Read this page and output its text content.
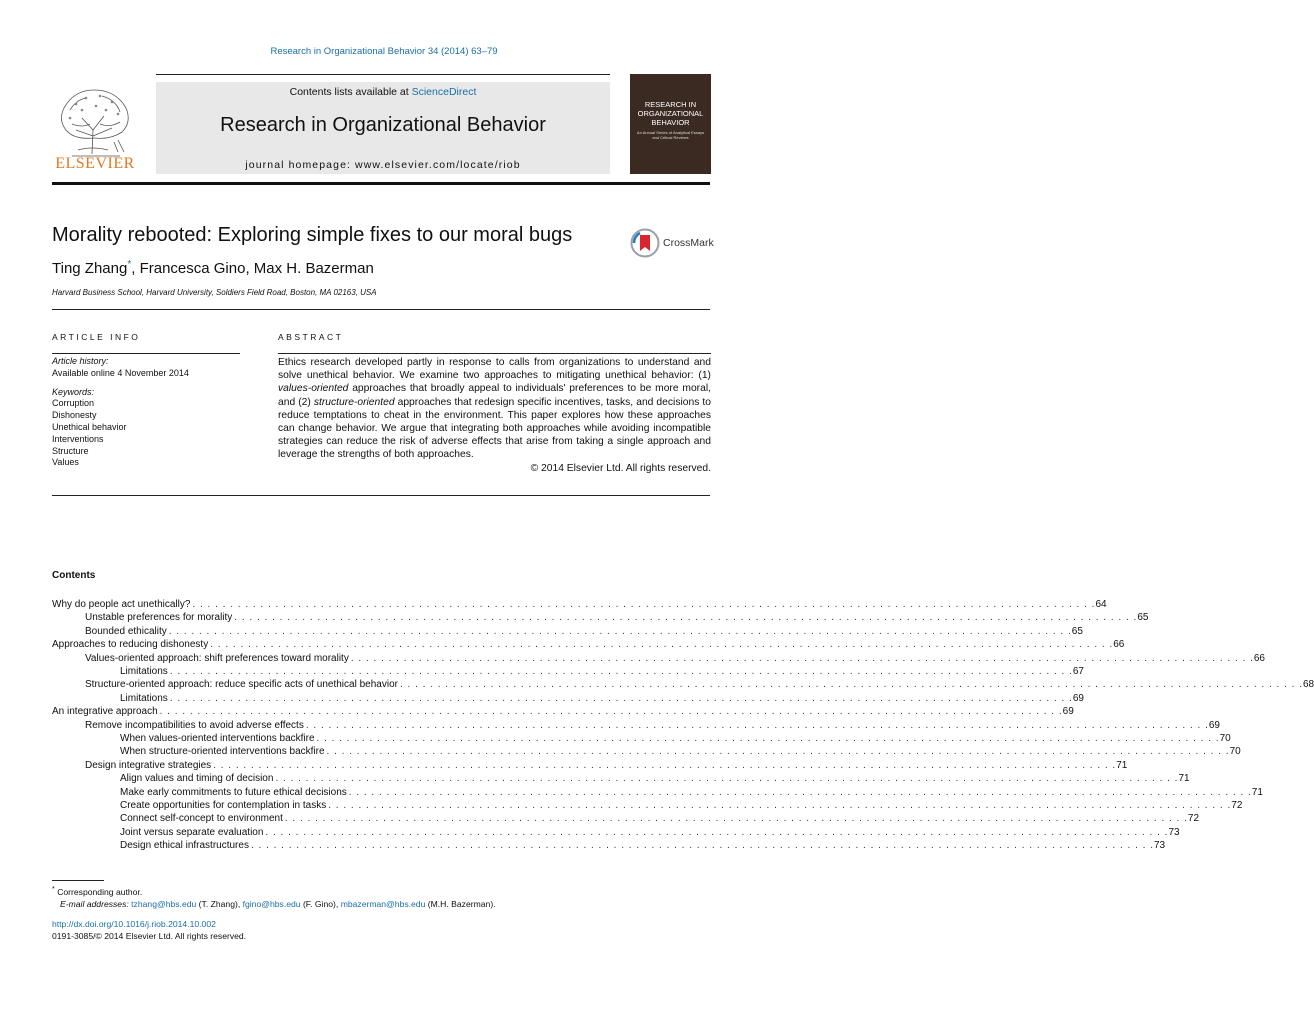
Research in Organizational Behavior 34 (2014) 63–79
Contents lists available at ScienceDirect
Research in Organizational Behavior
journal homepage: www.elsevier.com/locate/riob
ELSEVIER
RESEARCH IN ORGANIZATIONAL BEHAVIOR
An Annual Series of Analytical Essays and Critical Reviews
Morality rebooted: Exploring simple fixes to our moral bugs	CrossMark
Ting Zhang*, Francesca Gino, Max H. Bazerman
Harvard Business School, Harvard University, Soldiers Field Road, Boston, MA 02163, USA
ARTICLE INFO
Article history:
Available online 4 November 2014
Keywords:
Corruption
Dishonesty
Unethical behavior
Interventions
Structure
Values
ABSTRACT
Ethics research developed partly in response to calls from organizations to understand and solve unethical behavior. We examine two approaches to mitigating unethical behavior: (1) values-oriented approaches that broadly appeal to individuals' preferences to be more moral, and (2) structure-oriented approaches that redesign specific incentives, tasks, and decisions to reduce temptations to cheat in the environment. This paper explores how these approaches can change behavior. We argue that integrating both approaches while avoiding incompatible strategies can reduce the risk of adverse effects that arise from taking a single approach and leverage the strengths of both approaches.
© 2014 Elsevier Ltd. All rights reserved.
Contents
Why do people act unethically? . . . . . . . . . . . . . . . . . . . . . . . . . . . . . . . . . . . . . . . . . . . . . . . . . . . . . . . . . . . . . . . . . . . . . . . . . . . . . . . . . . . . . . . . . . . . . . . . . . . . . . . . . . . . . . . . . . . . . . . . 64
Unstable preferences for morality . . . . . . . . . . . . . . . . . . . . . . . . . . . . . . . . . . . . . . . . . . . . . . . . . . . . . . . . . . . . . . . . . . . . . . . . . . . . . . . . . . . . . . . . . . . . . . . . . . . . . . . . . . . . . . . . . . . . . . . . 65
Bounded ethicality . . . . . . . . . . . . . . . . . . . . . . . . . . . . . . . . . . . . . . . . . . . . . . . . . . . . . . . . . . . . . . . . . . . . . . . . . . . . . . . . . . . . . . . . . . . . . . . . . . . . . . . . . . . . . . . . . . . . . . . . 65
Approaches to reducing dishonesty . . . . . . . . . . . . . . . . . . . . . . . . . . . . . . . . . . . . . . . . . . . . . . . . . . . . . . . . . . . . . . . . . . . . . . . . . . . . . . . . . . . . . . . . . . . . . . . . . . . . . . . . . . . . . . . . . . . . . . . . 66
Values-oriented approach: shift preferences toward morality . . . . . . . . . . . . . . . . . . . . . . . . . . . . . . . . . . . . . . . . . . . . . . . . . . . . . . . . . . . . . . . . . . . . . . . . . . . . . . . . . . . . . . . . . . . . . . . . . . . . . . . . . . . . . . . . . . . . . . . . 66
Limitations . . . . . . . . . . . . . . . . . . . . . . . . . . . . . . . . . . . . . . . . . . . . . . . . . . . . . . . . . . . . . . . . . . . . . . . . . . . . . . . . . . . . . . . . . . . . . . . . . . . . . . . . . . . . . . . . . . . . . . . . 67
Structure-oriented approach: reduce specific acts of unethical behavior . . . . . . . . . . . . . . . . . . . . . . . . . . . . . . . . . . . . . . . . . . . . . . . . . . . . . . . . . . . . . . . . . . . . . . . . . . . . . . . . . . . . . . . . . . . . . . . . . . . . . . . . . . . . . . . . . . . . . . . . 68
Limitations . . . . . . . . . . . . . . . . . . . . . . . . . . . . . . . . . . . . . . . . . . . . . . . . . . . . . . . . . . . . . . . . . . . . . . . . . . . . . . . . . . . . . . . . . . . . . . . . . . . . . . . . . . . . . . . . . . . . . . . . 69
An integrative approach . . . . . . . . . . . . . . . . . . . . . . . . . . . . . . . . . . . . . . . . . . . . . . . . . . . . . . . . . . . . . . . . . . . . . . . . . . . . . . . . . . . . . . . . . . . . . . . . . . . . . . . . . . . . . . . . . . . . . . . . 69
Remove incompatibilities to avoid adverse effects . . . . . . . . . . . . . . . . . . . . . . . . . . . . . . . . . . . . . . . . . . . . . . . . . . . . . . . . . . . . . . . . . . . . . . . . . . . . . . . . . . . . . . . . . . . . . . . . . . . . . . . . . . . . . . . . . . . . . . . . 69
When values-oriented interventions backfire . . . . . . . . . . . . . . . . . . . . . . . . . . . . . . . . . . . . . . . . . . . . . . . . . . . . . . . . . . . . . . . . . . . . . . . . . . . . . . . . . . . . . . . . . . . . . . . . . . . . . . . . . . . . . . . . . . . . . . . . 70
When structure-oriented interventions backfire . . . . . . . . . . . . . . . . . . . . . . . . . . . . . . . . . . . . . . . . . . . . . . . . . . . . . . . . . . . . . . . . . . . . . . . . . . . . . . . . . . . . . . . . . . . . . . . . . . . . . . . . . . . . . . . . . . . . . . . . 70
Design integrative strategies . . . . . . . . . . . . . . . . . . . . . . . . . . . . . . . . . . . . . . . . . . . . . . . . . . . . . . . . . . . . . . . . . . . . . . . . . . . . . . . . . . . . . . . . . . . . . . . . . . . . . . . . . . . . . . . . . . . . . . . . 71
Align values and timing of decision . . . . . . . . . . . . . . . . . . . . . . . . . . . . . . . . . . . . . . . . . . . . . . . . . . . . . . . . . . . . . . . . . . . . . . . . . . . . . . . . . . . . . . . . . . . . . . . . . . . . . . . . . . . . . . . . . . . . . . . . 71
Make early commitments to future ethical decisions . . . . . . . . . . . . . . . . . . . . . . . . . . . . . . . . . . . . . . . . . . . . . . . . . . . . . . . . . . . . . . . . . . . . . . . . . . . . . . . . . . . . . . . . . . . . . . . . . . . . . . . . . . . . . . . . . . . . . . . . 71
Create opportunities for contemplation in tasks . . . . . . . . . . . . . . . . . . . . . . . . . . . . . . . . . . . . . . . . . . . . . . . . . . . . . . . . . . . . . . . . . . . . . . . . . . . . . . . . . . . . . . . . . . . . . . . . . . . . . . . . . . . . . . . . . . . . . . . . 72
Connect self-concept to environment . . . . . . . . . . . . . . . . . . . . . . . . . . . . . . . . . . . . . . . . . . . . . . . . . . . . . . . . . . . . . . . . . . . . . . . . . . . . . . . . . . . . . . . . . . . . . . . . . . . . . . . . . . . . . . . . . . . . . . . . 72
Joint versus separate evaluation . . . . . . . . . . . . . . . . . . . . . . . . . . . . . . . . . . . . . . . . . . . . . . . . . . . . . . . . . . . . . . . . . . . . . . . . . . . . . . . . . . . . . . . . . . . . . . . . . . . . . . . . . . . . . . . . . . . . . . . . 73
Design ethical infrastructures . . . . . . . . . . . . . . . . . . . . . . . . . . . . . . . . . . . . . . . . . . . . . . . . . . . . . . . . . . . . . . . . . . . . . . . . . . . . . . . . . . . . . . . . . . . . . . . . . . . . . . . . . . . . . . . . . . . . . . . . 73
* Corresponding author.
E-mail addresses: tzhang@hbs.edu (T. Zhang), fgino@hbs.edu (F. Gino), mbazerman@hbs.edu (M.H. Bazerman).
http://dx.doi.org/10.1016/j.riob.2014.10.002
0191-3085/© 2014 Elsevier Ltd. All rights reserved.
